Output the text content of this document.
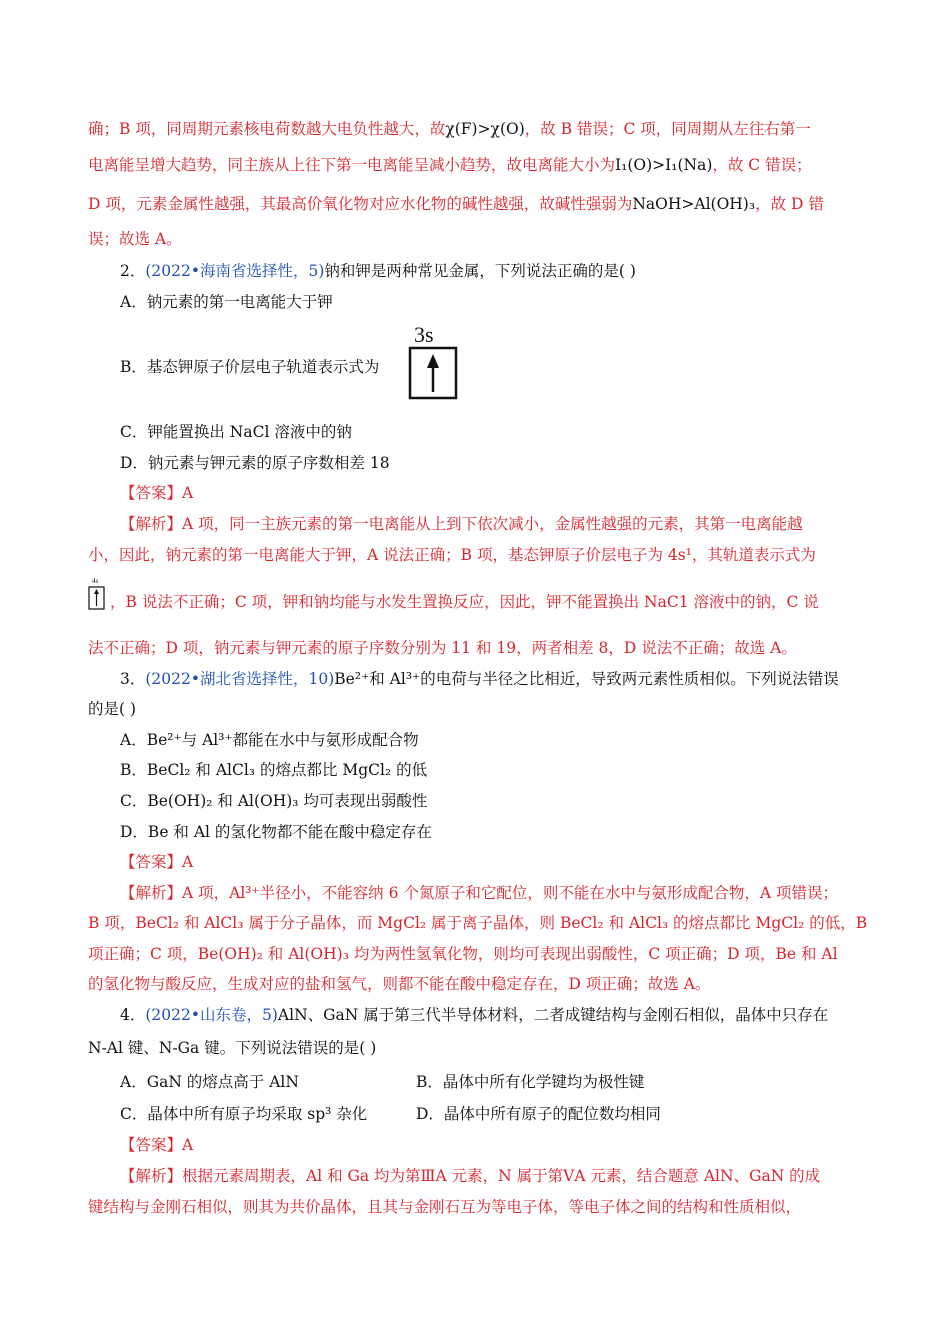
确；B 项，同周期元素核电荷数越大电负性越大，故χ(F)>χ(O)，故 B 错误；C 项，同周期从左往右第一
电离能呈增大趋势，同主族从上往下第一电离能呈减小趋势，故电离能大小为I₁(O)>I₁(Na)，故 C 错误；
D 项，元素金属性越强，其最高价氧化物对应水化物的碱性越强，故碱性强弱为NaOH>Al(OH)₃，故 D 错
误；故选 A。
2．(2022•海南省选择性，5)钠和钾是两种常见金属，下列说法正确的是( )
A．钠元素的第一电离能大于钾
B．基态钾原子价层电子轨道表示式为
3s
C．钾能置换出 NaCl 溶液中的钠
D．钠元素与钾元素的原子序数相差 18
【答案】A
【解析】A 项，同一主族元素的第一电离能从上到下依次减小，金属性越强的元素，其第一电离能越
小，因此，钠元素的第一电离能大于钾，A 说法正确；B 项，基态钾原子价层电子为 4s¹，其轨道表示式为
4s
，B 说法不正确；C 项，钾和钠均能与水发生置换反应，因此，钾不能置换出 NaC1 溶液中的钠，C 说
法不正确；D 项，钠元素与钾元素的原子序数分别为 11 和 19，两者相差 8，D 说法不正确；故选 A。
3．(2022•湖北省选择性，10)Be²⁺和 Al³⁺的电荷与半径之比相近，导致两元素性质相似。下列说法错误
的是( )
A．Be²⁺与 Al³⁺都能在水中与氨形成配合物
B．BeCl₂ 和 AlCl₃ 的熔点都比 MgCl₂ 的低
C．Be(OH)₂ 和 Al(OH)₃ 均可表现出弱酸性
D．Be 和 Al 的氢化物都不能在酸中稳定存在
【答案】A
【解析】A 项，Al³⁺半径小，不能容纳 6 个氮原子和它配位，则不能在水中与氨形成配合物，A 项错误；
B 项，BeCl₂ 和 AlCl₃ 属于分子晶体，而 MgCl₂ 属于离子晶体，则 BeCl₂ 和 AlCl₃ 的熔点都比 MgCl₂ 的低，B
项正确；C 项，Be(OH)₂ 和 Al(OH)₃ 均为两性氢氧化物，则均可表现出弱酸性，C 项正确；D 项，Be 和 Al
的氢化物与酸反应，生成对应的盐和氢气，则都不能在酸中稳定存在，D 项正确；故选 A。
4．(2022•山东卷，5)AlN、GaN 属于第三代半导体材料，二者成键结构与金刚石相似，晶体中只存在
N-Al 键、N-Ga 键。下列说法错误的是( )
A．GaN 的熔点高于 AlN	B．晶体中所有化学键均为极性键
C．晶体中所有原子均采取 sp³ 杂化	D．晶体中所有原子的配位数均相同
【答案】A
【解析】根据元素周期表，Al 和 Ga 均为第ⅢA 元素，N 属于第ⅤA 元素，结合题意 AlN、GaN 的成
键结构与金刚石相似，则其为共价晶体，且其与金刚石互为等电子体，等电子体之间的结构和性质相似，
